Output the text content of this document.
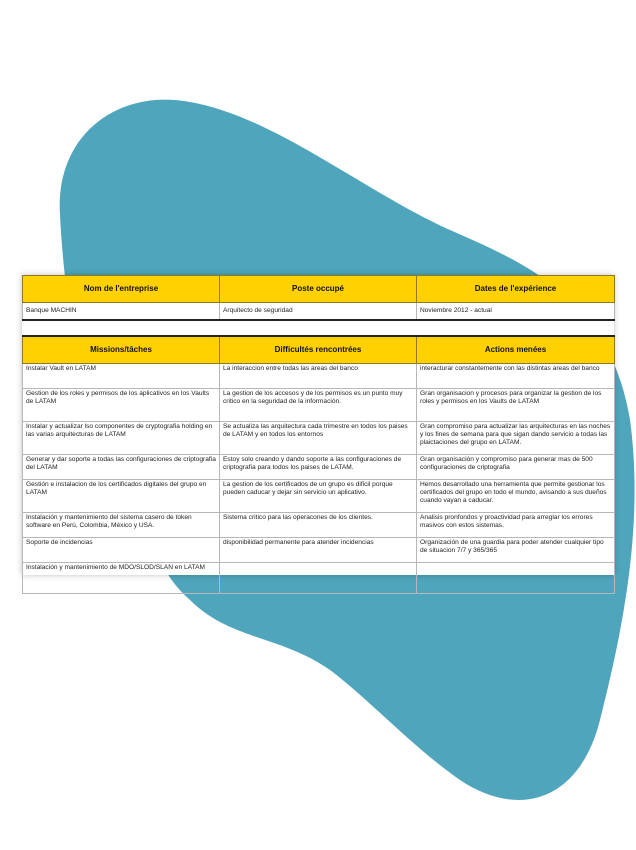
Nom de l'entreprise	Poste occupé	Dates de l'expérience
Banque MACHIN	Arquitecto de seguridad	Noviembre 2012 - actual

Missions/tâches	Difficultés rencontrées	Actions menées
Instalar Vault en LATAM	La interaccion entre todas las areas del banco	interacturar constantemente con las distintas areas del banco
Gestion de los roles y permisos de los aplicativos en los Vaults de LATAM	La gestion de los accesos y de los permisos es un punto muy critico en la seguridad de la información.	Gran organisacion y procesos para organizar la gestion de los roles y permisos en los Vaults de LATAM
Instalar y actualizar lso componentes de cryptografia holding en las varias arquitecturas de LATAM	Se actualiza las arquitectura cada trimestre en todos los paises de LATAM y en todos los entornos	Gran compromiso para actualizar las arquitecturas en las noches y los fines de semana para que sigan dando servicio a todas las plaictaciones del grupo en LATAM.
Generar y dar soporte a todas las configuraciones de criptografia del LATAM	Estoy solo creando y dando soporte a las configuraciones de criptografia para todos los paises de LATAM.	Gran organisación y compromiso para generar mas de 500 configuraciones de criptografia
Gestión e instalacion de los certificados digitales del grupo en LATAM	La gestion de los certificados de un grupo es dificil porque pueden caducar y dejar sin servicio un aplicativo.	Hemos desarrollado una herramienta que permite gestionar los certificados del grupo en todo el mundo, avisando a sus dueños cuando vayan a caducar.
Instalación y mantenimiento del sistema casero de token software en Perú, Colombia, México y USA.	Sistema critico para las operacones de los clientes.	Analisis pronfondos y proactividad para arreglar los errores masivos con estos sistemas.
Soporte de incidencias	disponibilidad permanente para atender incidencias	Organización de una guardia para poder atender cualquier tipo de situacion 7/7 y 365/365
Instalación y mantenimiento de MDO/SLOD/SLAN en LATAM		
